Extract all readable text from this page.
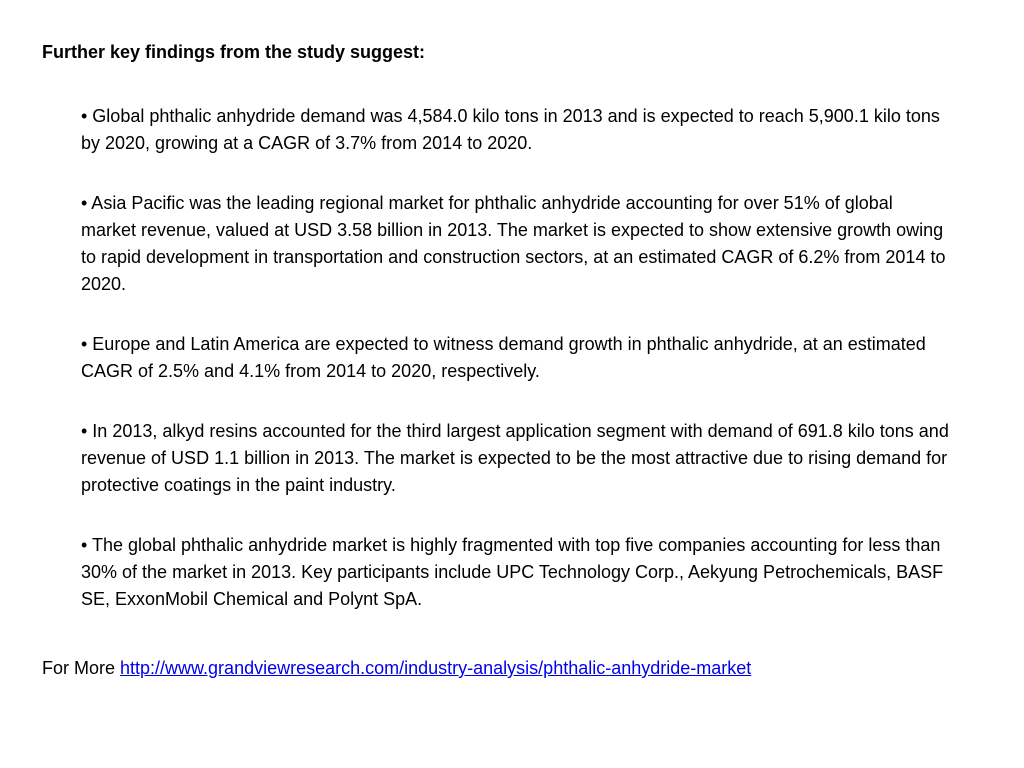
Further key findings from the study suggest:
• Global phthalic anhydride demand was 4,584.0 kilo tons in 2013 and is expected to reach 5,900.1 kilo tons by 2020, growing at a CAGR of 3.7% from 2014 to 2020.
• Asia Pacific was the leading regional market for phthalic anhydride accounting for over 51% of global market revenue, valued at USD 3.58 billion in 2013. The market is expected to show extensive growth owing to rapid development in transportation and construction sectors, at an estimated CAGR of 6.2% from 2014 to 2020.
• Europe and Latin America are expected to witness demand growth in phthalic anhydride, at an estimated CAGR of 2.5% and 4.1% from 2014 to 2020, respectively.
• In 2013, alkyd resins accounted for the third largest application segment with demand of 691.8 kilo tons and revenue of USD 1.1 billion in 2013. The market is expected to be the most attractive due to rising demand for protective coatings in the paint industry.
• The global phthalic anhydride market is highly fragmented with top five companies accounting for less than 30% of the market in 2013. Key participants include UPC Technology Corp., Aekyung Petrochemicals, BASF SE, ExxonMobil Chemical and Polynt SpA.
For More http://www.grandviewresearch.com/industry-analysis/phthalic-anhydride-market
